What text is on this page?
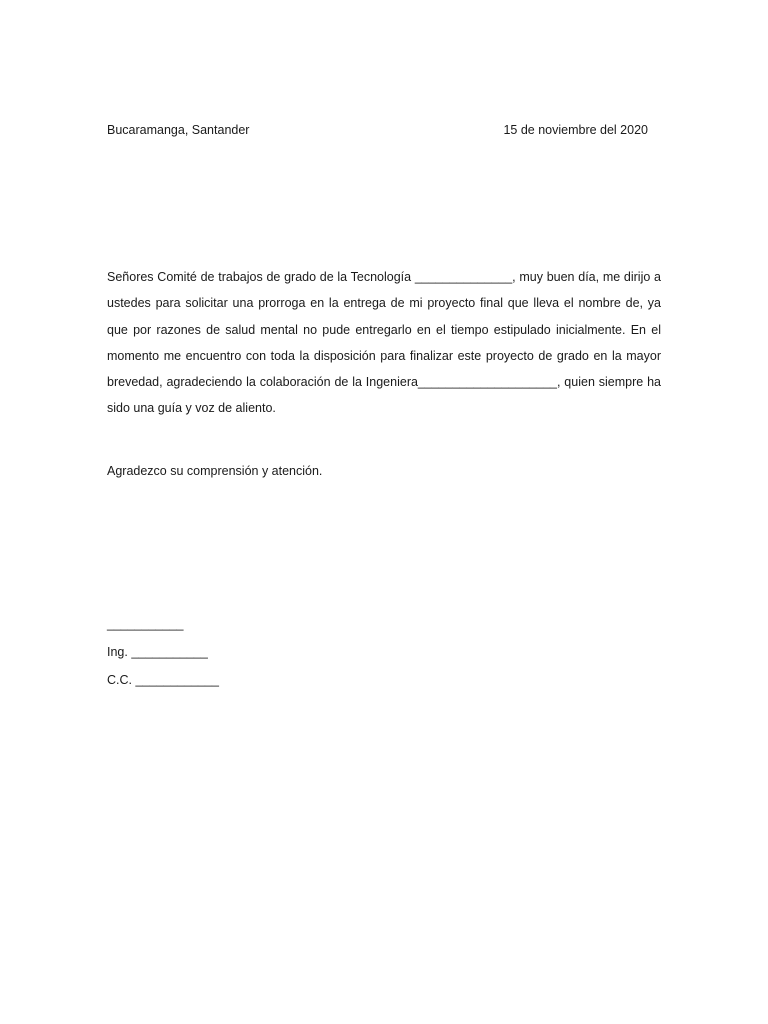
Bucaramanga, Santander	15 de noviembre del 2020

Señores Comité de trabajos de grado de la Tecnología ______________, muy buen día, me dirijo a ustedes para solicitar una prorroga en la entrega de mi proyecto final que lleva el nombre de, ya que por razones de salud mental no pude entregarlo en el tiempo estipulado inicialmente. En el momento me encuentro con toda la disposición para finalizar este proyecto de grado en la mayor brevedad, agradeciendo la colaboración de la Ingeniera____________________, quien siempre ha sido una guía y voz de aliento.

Agradezco su comprensión y atención.

___________
Ing. ___________
C.C. ____________
